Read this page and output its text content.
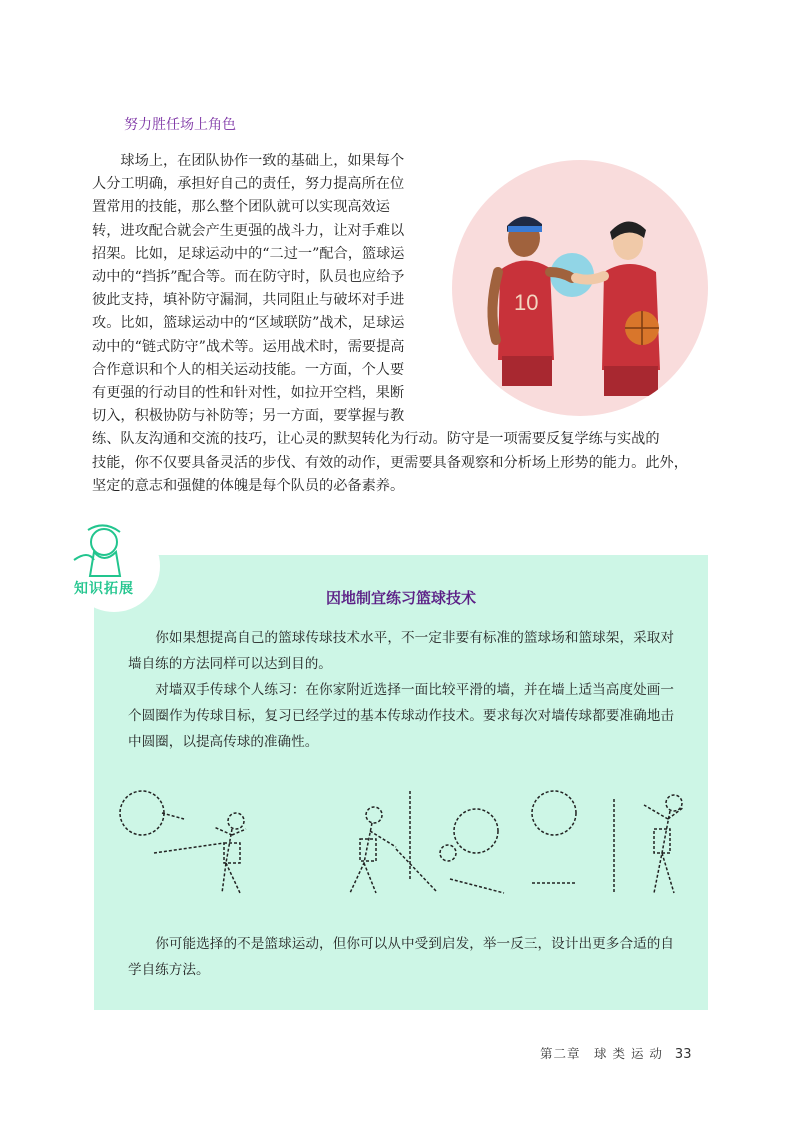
努力胜任场上角色
10
球场上，在团队协作一致的基础上，如果每个
人分工明确，承担好自己的责任，努力提高所在位
置常用的技能，那么整个团队就可以实现高效运
转，进攻配合就会产生更强的战斗力，让对手难以
招架。比如，足球运动中的“二过一”配合，篮球运
动中的“挡拆”配合等。而在防守时，队员也应给予
彼此支持，填补防守漏洞，共同阻止与破坏对手进
攻。比如，篮球运动中的“区域联防”战术，足球运
动中的“链式防守”战术等。运用战术时，需要提高
合作意识和个人的相关运动技能。一方面，个人要
有更强的行动目的性和针对性，如拉开空档，果断
切入，积极协防与补防等；另一方面，要掌握与教
练、队友沟通和交流的技巧，让心灵的默契转化为行动。防守是一项需要反复学练与实战的
技能，你不仅要具备灵活的步伐、有效的动作，更需要具备观察和分析场上形势的能力。此外，
坚定的意志和强健的体魄是每个队员的必备素养。
因地制宜练习篮球技术

你如果想提高自己的篮球传球技术水平，不一定非要有标准的篮球场和篮球架，采取对墙自练的方法同样可以达到目的。

对墙双手传球个人练习：在你家附近选择一面比较平滑的墙，并在墙上适当高度处画一个圆圈作为传球目标，复习已经学过的基本传球动作技术。要求每次对墙传球都要准确地击中圆圈，以提高传球的准确性。

你可能选择的不是篮球运动，但你可以从中受到启发，举一反三，设计出更多合适的自学自练方法。
知识拓展
第二章　球 类 运 动 33
